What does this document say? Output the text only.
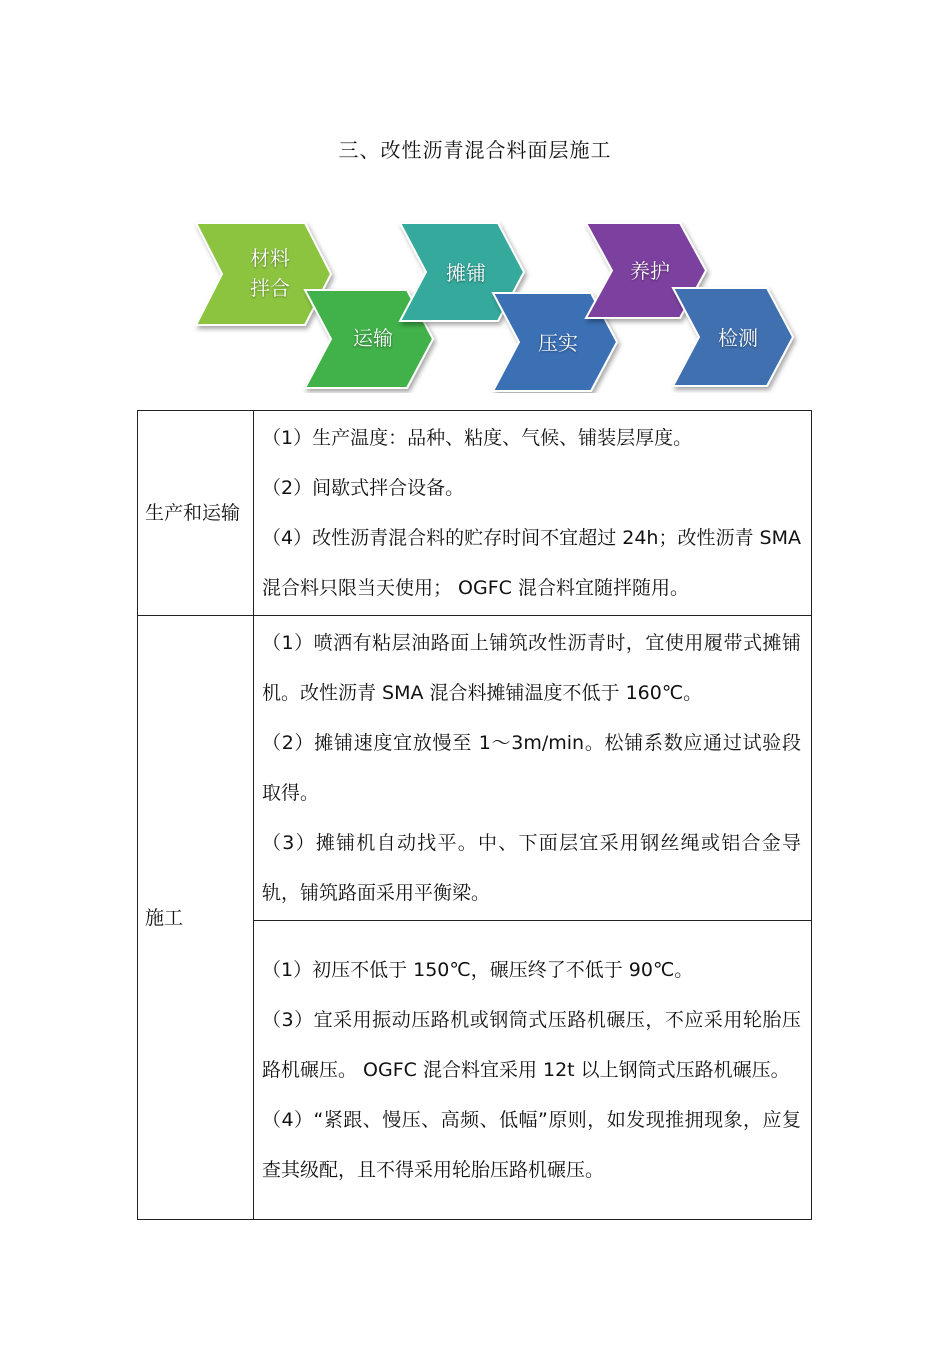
三、改性沥青混合料面层施工
材料
拌合
运输
摊铺
压实
养护
检测
生产和运输	（1）生产温度：品种、粘度、气候、铺装层厚度。

（2）间歇式拌合设备。

（4）改性沥青混合料的贮存时间不宜超过 24h；改性沥青 SMA 混合料只限当天使用； OGFC 混合料宜随拌随用。

施工	（1）喷洒有粘层油路面上铺筑改性沥青时，宜使用履带式摊铺机。改性沥青 SMA 混合料摊铺温度不低于 160℃。

（2）摊铺速度宜放慢至 1～3m/min。松铺系数应通过试验段取得。

（3）摊铺机自动找平。中、下面层宜采用钢丝绳或铝合金导轨，铺筑路面采用平衡梁。

	（1）初压不低于 150℃，碾压终了不低于 90℃。

（3）宜采用振动压路机或钢筒式压路机碾压，不应采用轮胎压路机碾压。 OGFC 混合料宜采用 12t 以上钢筒式压路机碾压。

（4）“紧跟、慢压、高频、低幅”原则，如发现推拥现象，应复查其级配，且不得采用轮胎压路机碾压。
